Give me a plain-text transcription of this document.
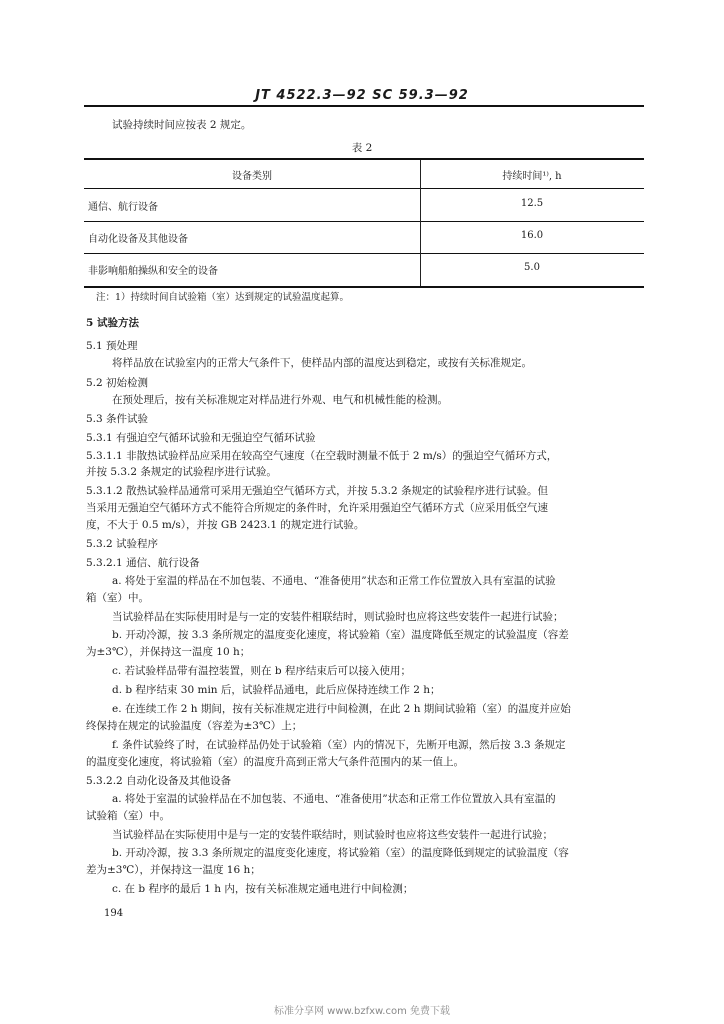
JT 4522.3—92 SC 59.3—92
试验持续时间应按表 2 规定。
表 2
设备类别	持续时间¹⁾, h
通信、航行设备	12.5
自动化设备及其他设备	16.0
非影响船舶操纵和安全的设备	5.0
注：1）持续时间自试验箱（室）达到规定的试验温度起算。
5 试验方法
5.1 预处理
将样品放在试验室内的正常大气条件下，使样品内部的温度达到稳定，或按有关标准规定。
5.2 初始检测
在预处理后，按有关标准规定对样品进行外观、电气和机械性能的检测。
5.3 条件试验
5.3.1 有强迫空气循环试验和无强迫空气循环试验
5.3.1.1 非散热试验样品应采用在较高空气速度（在空载时测量不低于 2 m/s）的强迫空气循环方式，
并按 5.3.2 条规定的试验程序进行试验。
5.3.1.2 散热试验样品通常可采用无强迫空气循环方式，并按 5.3.2 条规定的试验程序进行试验。但
当采用无强迫空气循环方式不能符合所规定的条件时，允许采用强迫空气循环方式（应采用低空气速
度，不大于 0.5 m/s），并按 GB 2423.1 的规定进行试验。
5.3.2 试验程序
5.3.2.1 通信、航行设备
a. 将处于室温的样品在不加包装、不通电、“准备使用”状态和正常工作位置放入具有室温的试验
箱（室）中。
当试验样品在实际使用时是与一定的安装件相联结时，则试验时也应将这些安装件一起进行试验；
b. 开动冷源，按 3.3 条所规定的温度变化速度，将试验箱（室）温度降低至规定的试验温度（容差
为±3℃），并保持这一温度 10 h；
c. 若试验样品带有温控装置，则在 b 程序结束后可以接入使用；
d. b 程序结束 30 min 后，试验样品通电，此后应保持连续工作 2 h；
e. 在连续工作 2 h 期间，按有关标准规定进行中间检测，在此 2 h 期间试验箱（室）的温度并应始
终保持在规定的试验温度（容差为±3℃）上；
f. 条件试验终了时，在试验样品仍处于试验箱（室）内的情况下，先断开电源，然后按 3.3 条规定
的温度变化速度，将试验箱（室）的温度升高到正常大气条件范围内的某一值上。
5.3.2.2 自动化设备及其他设备
a. 将处于室温的试验样品在不加包装、不通电、“准备使用”状态和正常工作位置放入具有室温的
试验箱（室）中。
当试验样品在实际使用中是与一定的安装件联结时，则试验时也应将这些安装件一起进行试验；
b. 开动冷源，按 3.3 条所规定的温度变化速度，将试验箱（室）的温度降低到规定的试验温度（容
差为±3℃），并保持这一温度 16 h；
c. 在 b 程序的最后 1 h 内，按有关标准规定通电进行中间检测；
194
标准分享网 www.bzfxw.com 免费下载
